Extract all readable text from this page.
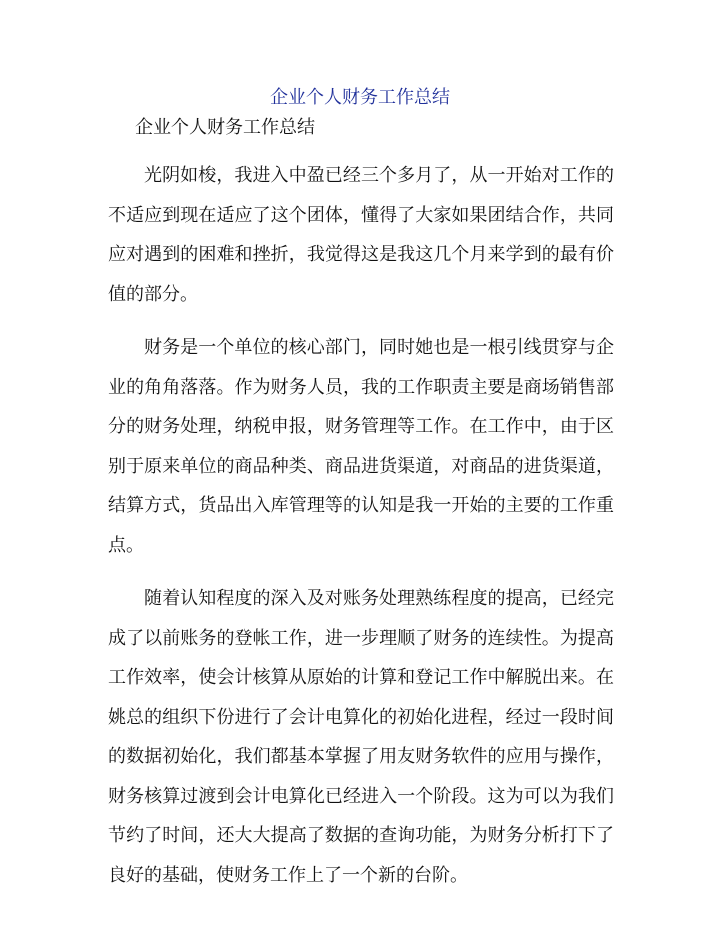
企业个人财务工作总结

企业个人财务工作总结

光阴如梭，我进入中盈已经三个多月了，从一开始对工作的不适应到现在适应了这个团体，懂得了大家如果团结合作，共同应对遇到的困难和挫折，我觉得这是我这几个月来学到的最有价值的部分。

财务是一个单位的核心部门，同时她也是一根引线贯穿与企业的角角落落。作为财务人员，我的工作职责主要是商场销售部分的财务处理，纳税申报，财务管理等工作。在工作中，由于区别于原来单位的商品种类、商品进货渠道，对商品的进货渠道，结算方式，货品出入库管理等的认知是我一开始的主要的工作重点。

随着认知程度的深入及对账务处理熟练程度的提高，已经完成了以前账务的登帐工作，进一步理顺了财务的连续性。为提高工作效率，使会计核算从原始的计算和登记工作中解脱出来。在姚总的组织下份进行了会计电算化的初始化进程，经过一段时间的数据初始化，我们都基本掌握了用友财务软件的应用与操作，财务核算过渡到会计电算化已经进入一个阶段。这为可以为我们节约了时间，还大大提高了数据的查询功能，为财务分析打下了良好的基础，使财务工作上了一个新的台阶。
